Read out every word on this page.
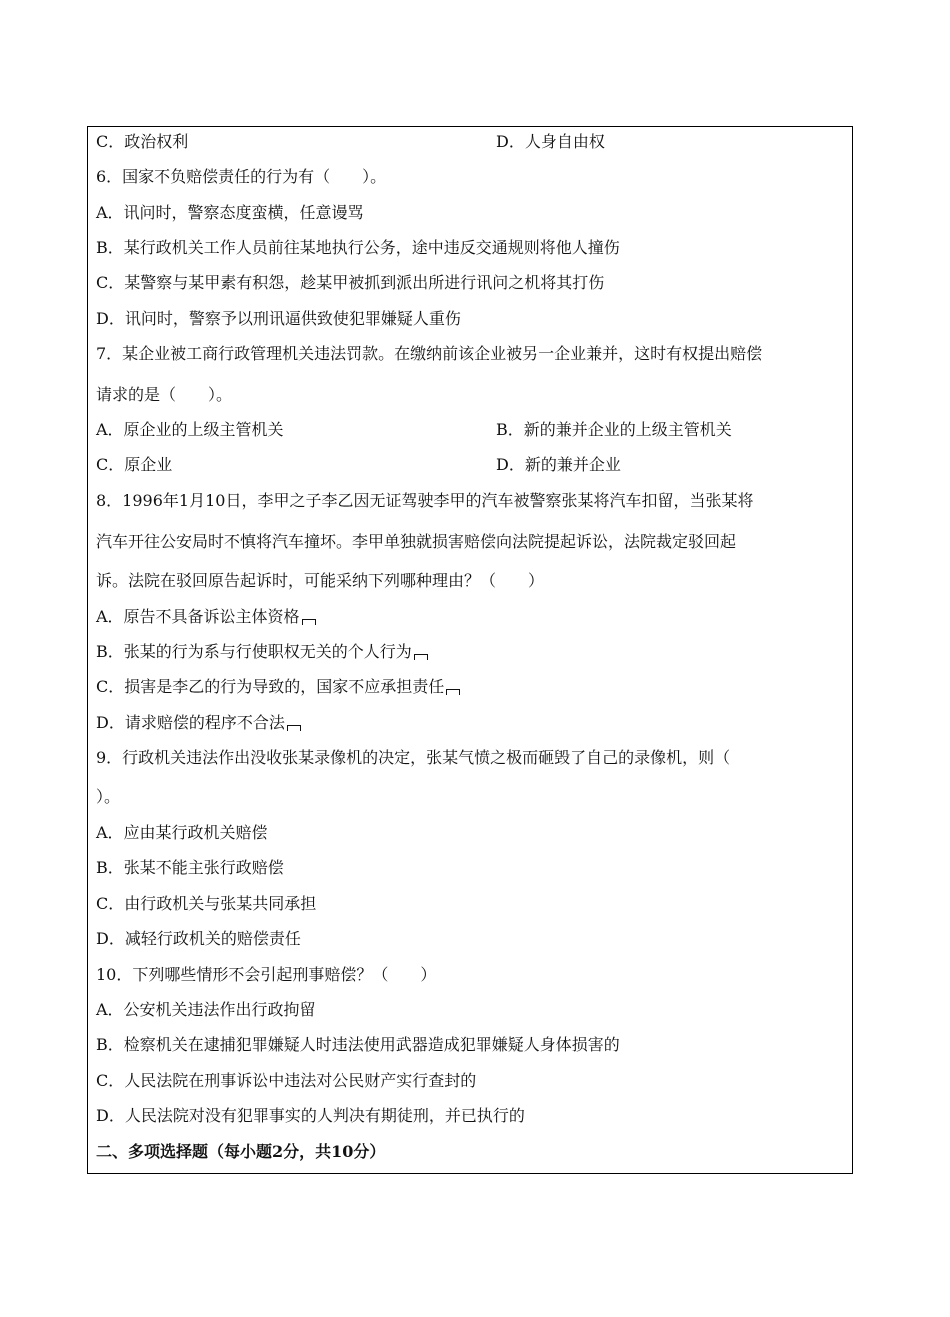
C．政治权利	D．人身自由权
6．国家不负赔偿责任的行为有（　　）。
A．讯问时，警察态度蛮横，任意谩骂
B．某行政机关工作人员前往某地执行公务，途中违反交通规则将他人撞伤
C．某警察与某甲素有积怨，趁某甲被抓到派出所进行讯问之机将其打伤
D．讯问时，警察予以刑讯逼供致使犯罪嫌疑人重伤
7．某企业被工商行政管理机关违法罚款。在缴纳前该企业被另一企业兼并，这时有权提出赔偿
请求的是（　　）。
A．原企业的上级主管机关	B．新的兼并企业的上级主管机关
C．原企业	D．新的兼并企业
8．1996年1月10日，李甲之子李乙因无证驾驶李甲的汽车被警察张某将汽车扣留，当张某将
汽车开往公安局时不慎将汽车撞坏。李甲单独就损害赔偿向法院提起诉讼，法院裁定驳回起
诉。法院在驳回原告起诉时，可能采纳下列哪种理由？（　　）
A．原告不具备诉讼主体资格
B．张某的行为系与行使职权无关的个人行为
C．损害是李乙的行为导致的，国家不应承担责任
D．请求赔偿的程序不合法
9．行政机关违法作出没收张某录像机的决定，张某气愤之极而砸毁了自己的录像机，则（
）。
A．应由某行政机关赔偿
B．张某不能主张行政赔偿
C．由行政机关与张某共同承担
D．减轻行政机关的赔偿责任
10．下列哪些情形不会引起刑事赔偿？（　　）
A．公安机关违法作出行政拘留
B．检察机关在逮捕犯罪嫌疑人时违法使用武器造成犯罪嫌疑人身体损害的
C．人民法院在刑事诉讼中违法对公民财产实行查封的
D．人民法院对没有犯罪事实的人判决有期徒刑，并已执行的
二、多项选择题（每小题2分，共10分）
